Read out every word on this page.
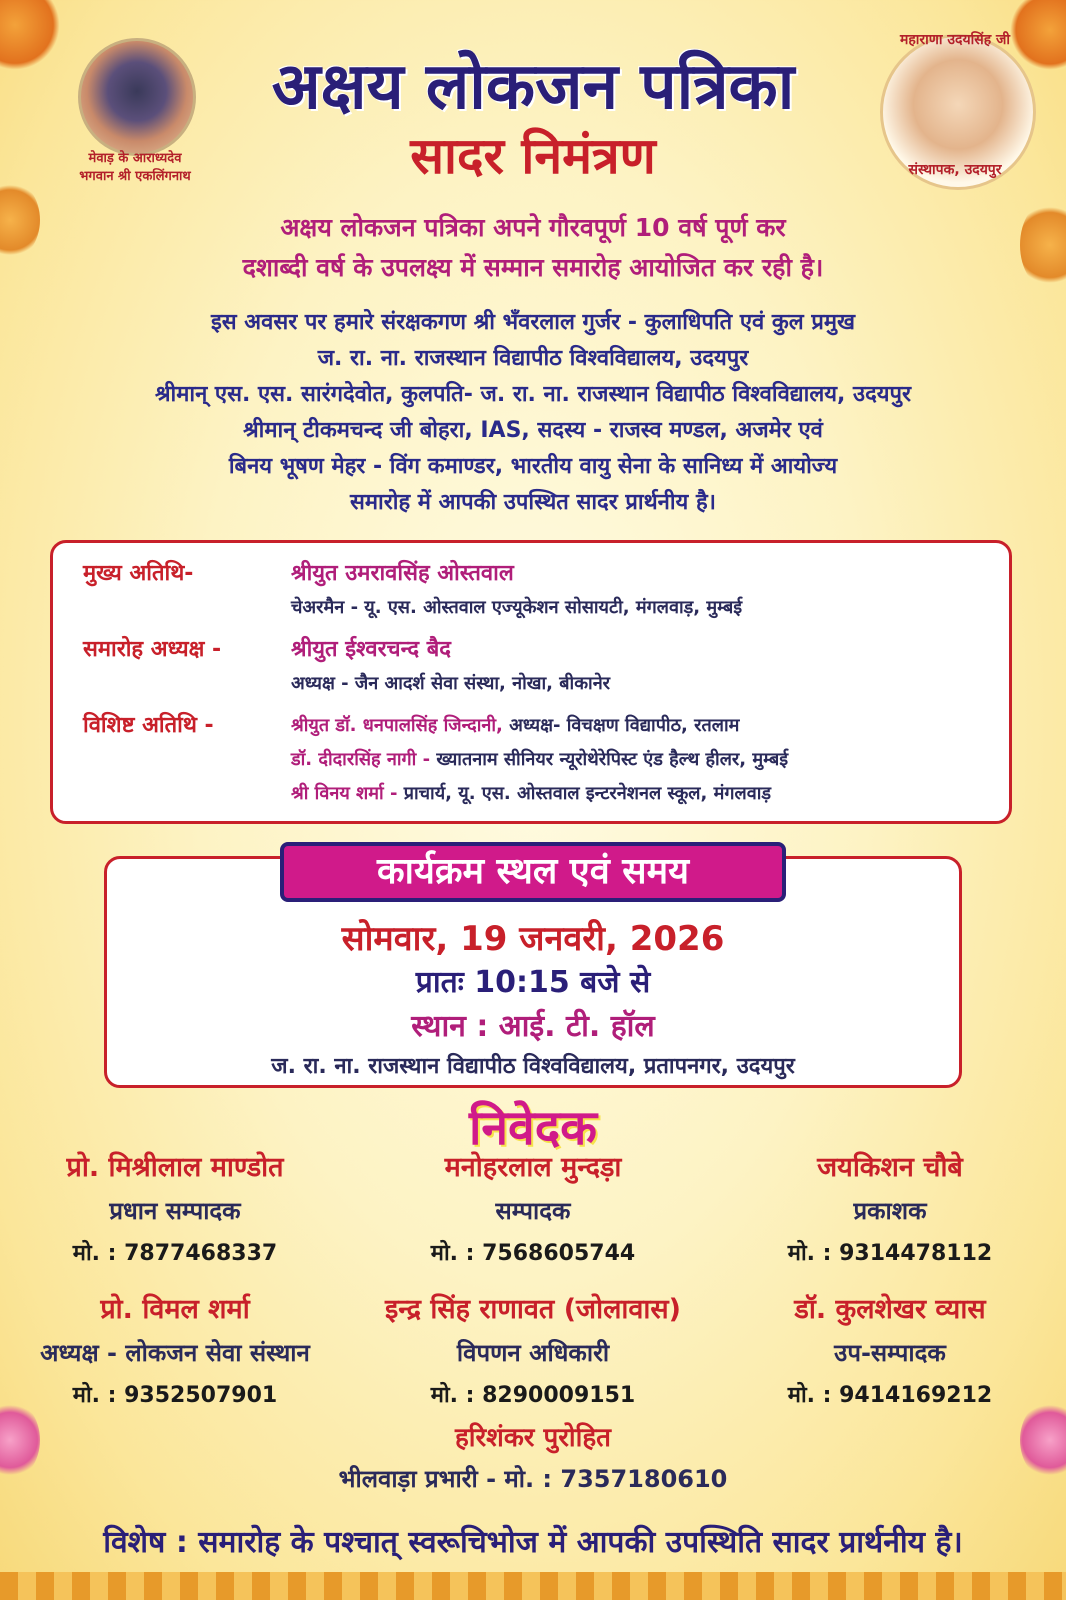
मेवाड़ के आराध्यदेव
भगवान श्री एकलिंगनाथ
महाराणा उदयसिंह जी
संस्थापक, उदयपुर
अक्षय लोकजन पत्रिका
सादर निमंत्रण
अक्षय लोकजन पत्रिका अपने गौरवपूर्ण 10 वर्ष पूर्ण कर
दशाब्दी वर्ष के उपलक्ष्य में सम्मान समारोह आयोजित कर रही है।
इस अवसर पर हमारे संरक्षकगण श्री भँवरलाल गुर्जर - कुलाधिपति एवं कुल प्रमुख
ज. रा. ना. राजस्थान विद्यापीठ विश्वविद्यालय, उदयपुर
श्रीमान् एस. एस. सारंगदेवोत, कुलपति- ज. रा. ना. राजस्थान विद्यापीठ विश्वविद्यालय, उदयपुर
श्रीमान् टीकमचन्द जी बोहरा, IAS, सदस्य - राजस्व मण्डल, अजमेर एवं
बिनय भूषण मेहर - विंग कमाण्डर, भारतीय वायु सेना के सानिध्य में आयोज्य
समारोह में आपकी उपस्थित सादर प्रार्थनीय है।
मुख्य अतिथि-	श्रीयुत उमरावसिंह ओस्तवाल
चेअरमैन - यू. एस. ओस्तवाल एज्यूकेशन सोसायटी, मंगलवाड़, मुम्बई
समारोह अध्यक्ष -	श्रीयुत ईश्वरचन्द बैद
अध्यक्ष - जैन आदर्श सेवा संस्था, नोखा, बीकानेर
विशिष्ट अतिथि -	श्रीयुत डॉ. धनपालसिंह जिन्दानी, अध्यक्ष- विचक्षण विद्यापीठ, रतलाम
डॉ. दीदारसिंह नागी - ख्यातनाम सीनियर न्यूरोथेरेपिस्ट एंड हैल्थ हीलर, मुम्बई
श्री विनय शर्मा - प्राचार्य, यू. एस. ओस्तवाल इन्टरनेशनल स्कूल, मंगलवाड़
कार्यक्रम स्थल एवं समय
सोमवार, 19 जनवरी, 2026
प्रातः 10:15 बजे से
स्थान : आई. टी. हॉल
ज. रा. ना. राजस्थान विद्यापीठ विश्वविद्यालय, प्रतापनगर, उदयपुर
निवेदक
प्रो. मिश्रीलाल माण्डोत
प्रधान सम्पादक
मो. : 7877468337
मनोहरलाल मुन्दड़ा
सम्पादक
मो. : 7568605744
जयकिशन चौबे
प्रकाशक
मो. : 9314478112
प्रो. विमल शर्मा
अध्यक्ष - लोकजन सेवा संस्थान
मो. : 9352507901
इन्द्र सिंह राणावत (जोलावास)
विपणन अधिकारी
मो. : 8290009151
डॉ. कुलशेखर व्यास
उप-सम्पादक
मो. : 9414169212
हरिशंकर पुरोहित
भीलवाड़ा प्रभारी - मो. : 7357180610
विशेष : समारोह के पश्चात् स्वरूचिभोज में आपकी उपस्थिति सादर प्रार्थनीय है।
